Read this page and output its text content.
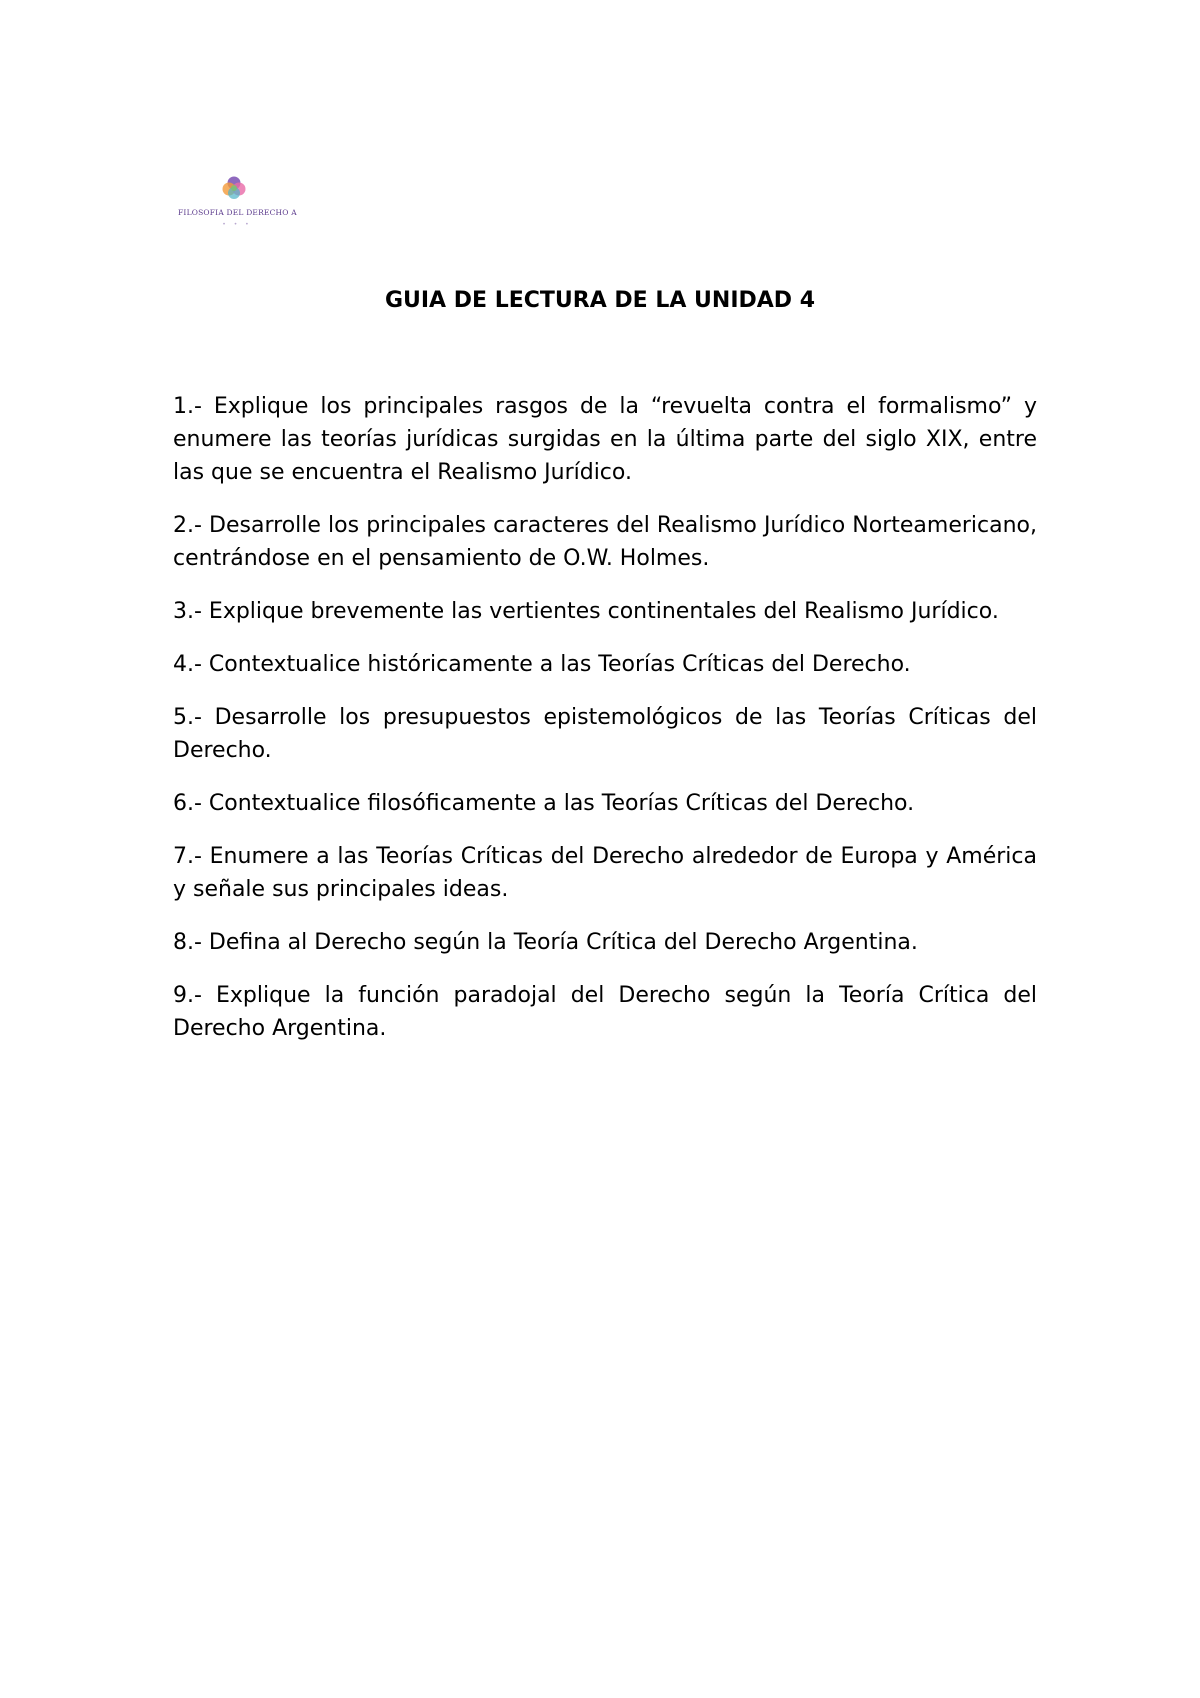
FILOSOFIA DEL DERECHO A
• • •
GUIA DE LECTURA DE LA UNIDAD 4
1.- Explique los principales rasgos de la “revuelta contra el formalismo” y enumere las teorías jurídicas surgidas en la última parte del siglo XIX, entre las que se encuentra el Realismo Jurídico.
2.- Desarrolle los principales caracteres del Realismo Jurídico Norteamericano, centrándose en el pensamiento de O.W. Holmes.
3.- Explique brevemente las vertientes continentales del Realismo Jurídico.
4.- Contextualice históricamente a las Teorías Críticas del Derecho.
5.- Desarrolle los presupuestos epistemológicos de las Teorías Críticas del Derecho.
6.- Contextualice filosóficamente a las Teorías Críticas del Derecho.
7.- Enumere a las Teorías Críticas del Derecho alrededor de Europa y América y señale sus principales ideas.
8.- Defina al Derecho según la Teoría Crítica del Derecho Argentina.
9.- Explique la función paradojal del Derecho según la Teoría Crítica del Derecho Argentina.
